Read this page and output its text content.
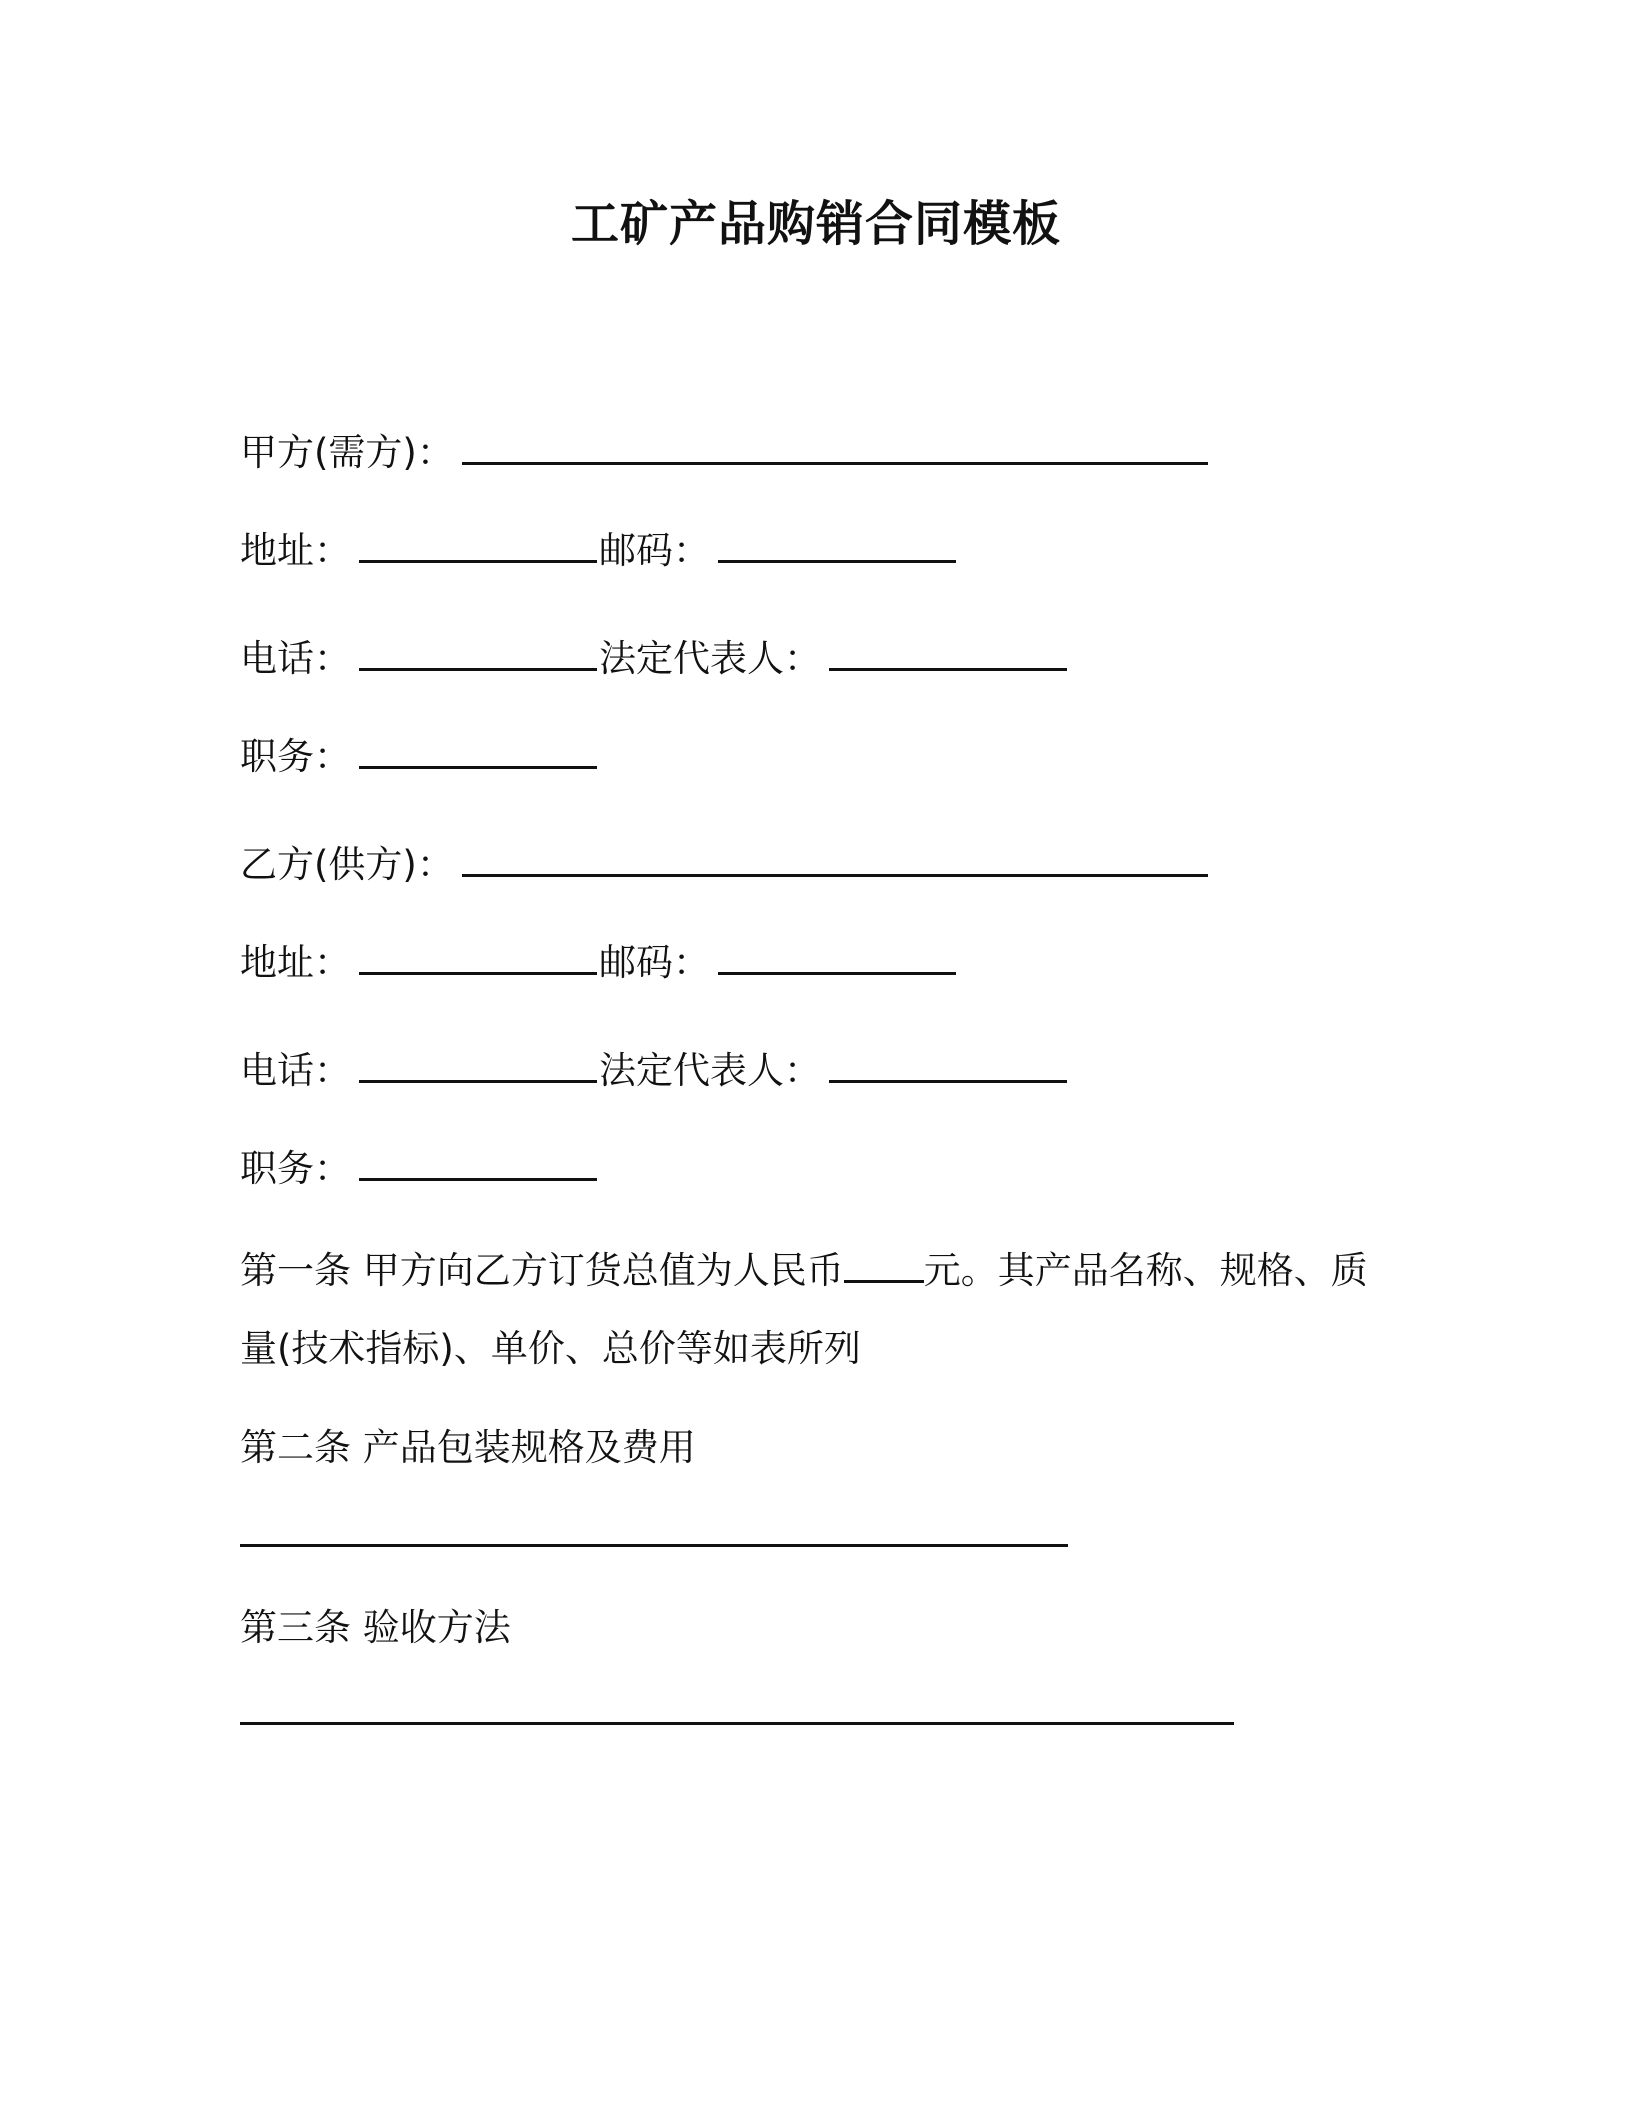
工矿产品购销合同模板
甲方(需方)：
地址：	邮码：
电话：	法定代表人：
职务：
乙方(供方)：
地址：	邮码：
电话：	法定代表人：
职务：
第一条 甲方向乙方订货总值为人民币 元。其产品名称、规格、质量(技术指标)、单价、总价等如表所列
第二条 产品包装规格及费用
第三条 验收方法
